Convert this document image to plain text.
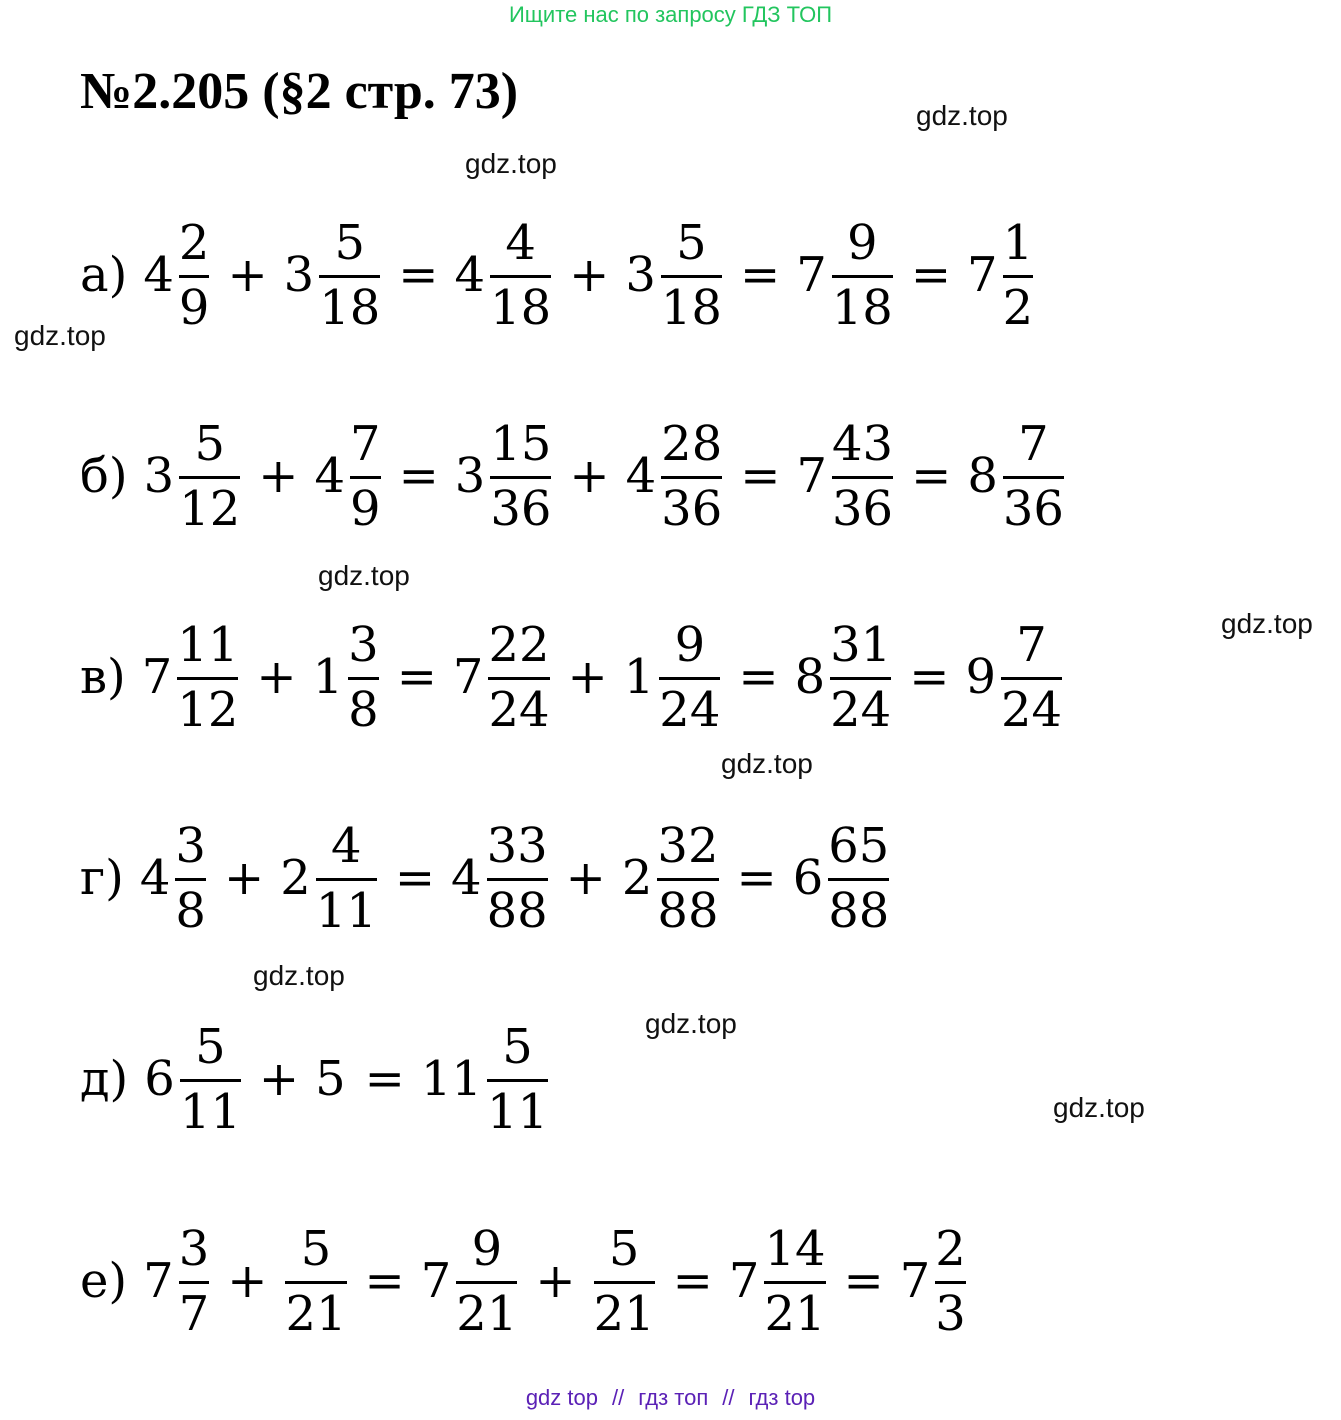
Ищите нас по запросу ГДЗ ТОП
№2.205 (§2 стр. 73)	gdz.top
gdz.top
gdz.top
gdz.top
gdz.top
gdz.top
gdz.top
gdz.top
gdz.top
а) $4 \frac{2}{9} + 3 \frac{5}{18} = 4 \frac{4}{18} + 3 \frac{5}{18} = 7 \frac{9}{18} = 7 \frac{1}{2}$
б) $3 \frac{5}{12} + 4 \frac{7}{9} = 3 \frac{15}{36} + 4 \frac{28}{36} = 7 \frac{43}{36} = 8 \frac{7}{36}$
в) $7 \frac{11}{12} + 1 \frac{3}{8} = 7 \frac{22}{24} + 1 \frac{9}{24} = 8 \frac{31}{24} = 9 \frac{7}{24}$
г) $4 \frac{3}{8} + 2 \frac{4}{11} = 4 \frac{33}{88} + 2 \frac{32}{88} = 6 \frac{65}{88}$
д) $6 \frac{5}{11} + 5 = 11 \frac{5}{11}$
е) $7 \frac{3}{7} + \frac{5}{21} = 7 \frac{9}{21} + \frac{5}{21} = 7 \frac{14}{21} = 7 \frac{2}{3}$
gdz top // гдз топ // гдз top
